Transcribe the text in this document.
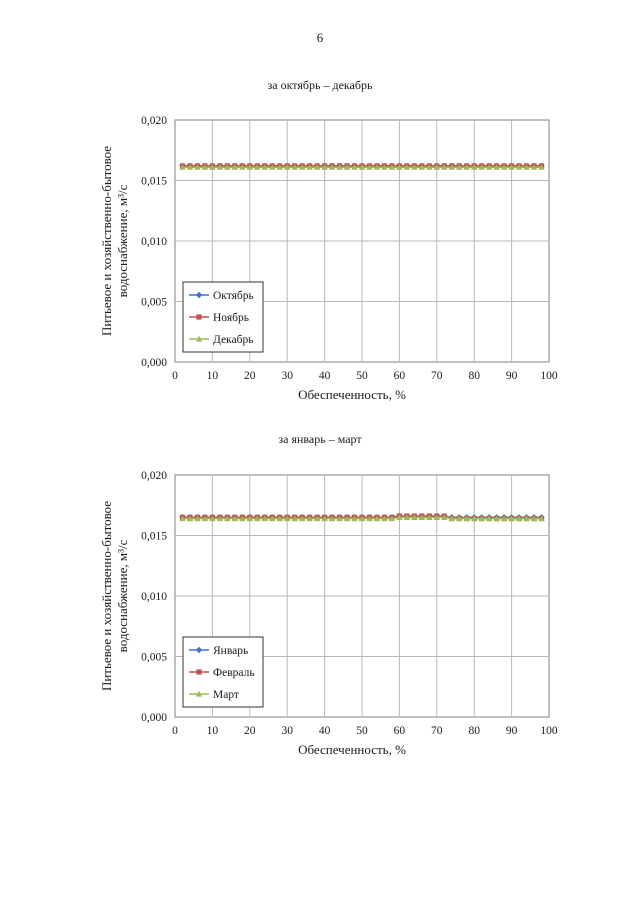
6
за октябрь – декабрь
0	10 20 30 40 50 60 70 80 90 100
0,000
0,005
0,010
0,015
0,020
Обеспеченность, %
Питьевое и хозяйственно-бытовое водоснабжение, м³/с	Октябрь
Ноябрь
Декабрь
за январь – март
0	10 20 30 40 50 60 70 80 90 100
0,000
0,005
0,010
0,015
0,020
Обеспеченность, %
Питьевое и хозяйственно-бытовое водоснабжение, м³/с	Январь
Февраль
Март
